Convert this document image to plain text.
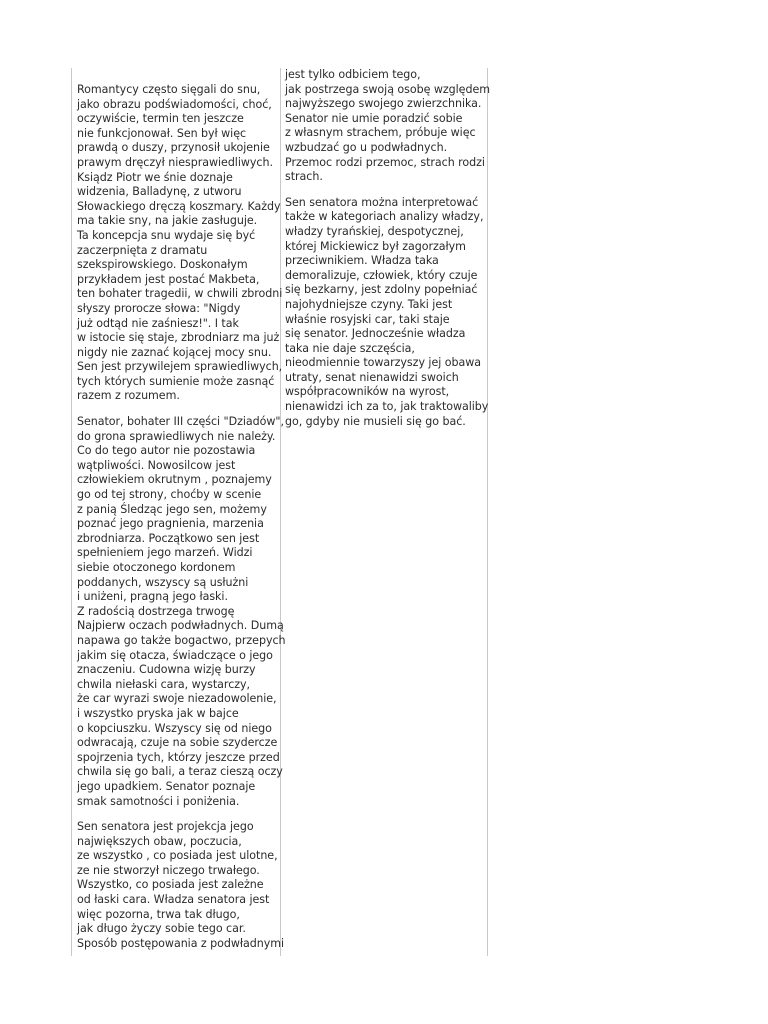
Romantycy często sięgali do snu,
jako obrazu podświadomości, choć,
oczywiście, termin ten jeszcze
nie funkcjonował. Sen był więc
prawdą o duszy, przynosił ukojenie
prawym dręczył niesprawiedliwych.
Ksiądz Piotr we śnie doznaje
widzenia, Balladynę, z utworu
Słowackiego dręczą koszmary. Każdy
ma takie sny, na jakie zasługuje.
Ta koncepcja snu wydaje się być
zaczerpnięta z dramatu
szekspirowskiego. Doskonałym
przykładem jest postać Makbeta,
ten bohater tragedii, w chwili zbrodni
słyszy prorocze słowa: "Nigdy
już odtąd nie zaśniesz!". I tak
w istocie się staje, zbrodniarz ma już
nigdy nie zaznać kojącej mocy snu.
Sen jest przywilejem sprawiedliwych,
tych których sumienie może zasnąć
razem z rozumem.
Senator, bohater III części "Dziadów",
do grona sprawiedliwych nie należy.
Co do tego autor nie pozostawia
wątpliwości. Nowosilcow jest
człowiekiem okrutnym , poznajemy
go od tej strony, choćby w scenie
z panią Śledząc jego sen, możemy
poznać jego pragnienia, marzenia
zbrodniarza. Początkowo sen jest
spełnieniem jego marzeń. Widzi
siebie otoczonego kordonem
poddanych, wszyscy są usłużni
i uniżeni, pragną jego łaski.
Z radością dostrzega trwogę
Najpierw oczach podwładnych. Dumą
napawa go także bogactwo, przepych
jakim się otacza, świadczące o jego
znaczeniu. Cudowna wizję burzy
chwila niełaski cara, wystarczy,
że car wyrazi swoje niezadowolenie,
i wszystko pryska jak w bajce
o kopciuszku. Wszyscy się od niego
odwracają, czuje na sobie szydercze
spojrzenia tych, którzy jeszcze przed
chwila się go bali, a teraz cieszą oczy
jego upadkiem. Senator poznaje
smak samotności i poniżenia.
Sen senatora jest projekcja jego
największych obaw, poczucia,
ze wszystko , co posiada jest ulotne,
ze nie stworzył niczego trwałego.
Wszystko, co posiada jest zależne
od łaski cara. Władza senatora jest
więc pozorna, trwa tak długo,
jak długo życzy sobie tego car.
Sposób postępowania z podwładnymi
jest tylko odbiciem tego,
jak postrzega swoją osobę względem
najwyższego swojego zwierzchnika.
Senator nie umie poradzić sobie
z własnym strachem, próbuje więc
wzbudzać go u podwładnych.
Przemoc rodzi przemoc, strach rodzi
strach.
Sen senatora można interpretować
także w kategoriach analizy władzy,
władzy tyrańskiej, despotycznej,
której Mickiewicz był zagorzałym
przeciwnikiem. Władza taka
demoralizuje, człowiek, który czuje
się bezkarny, jest zdolny popełniać
najohydniejsze czyny. Taki jest
właśnie rosyjski car, taki staje
się senator. Jednocześnie władza
taka nie daje szczęścia,
nieodmiennie towarzyszy jej obawa
utraty, senat nienawidzi swoich
współpracowników na wyrost,
nienawidzi ich za to, jak traktowaliby
go, gdyby nie musieli się go bać.
